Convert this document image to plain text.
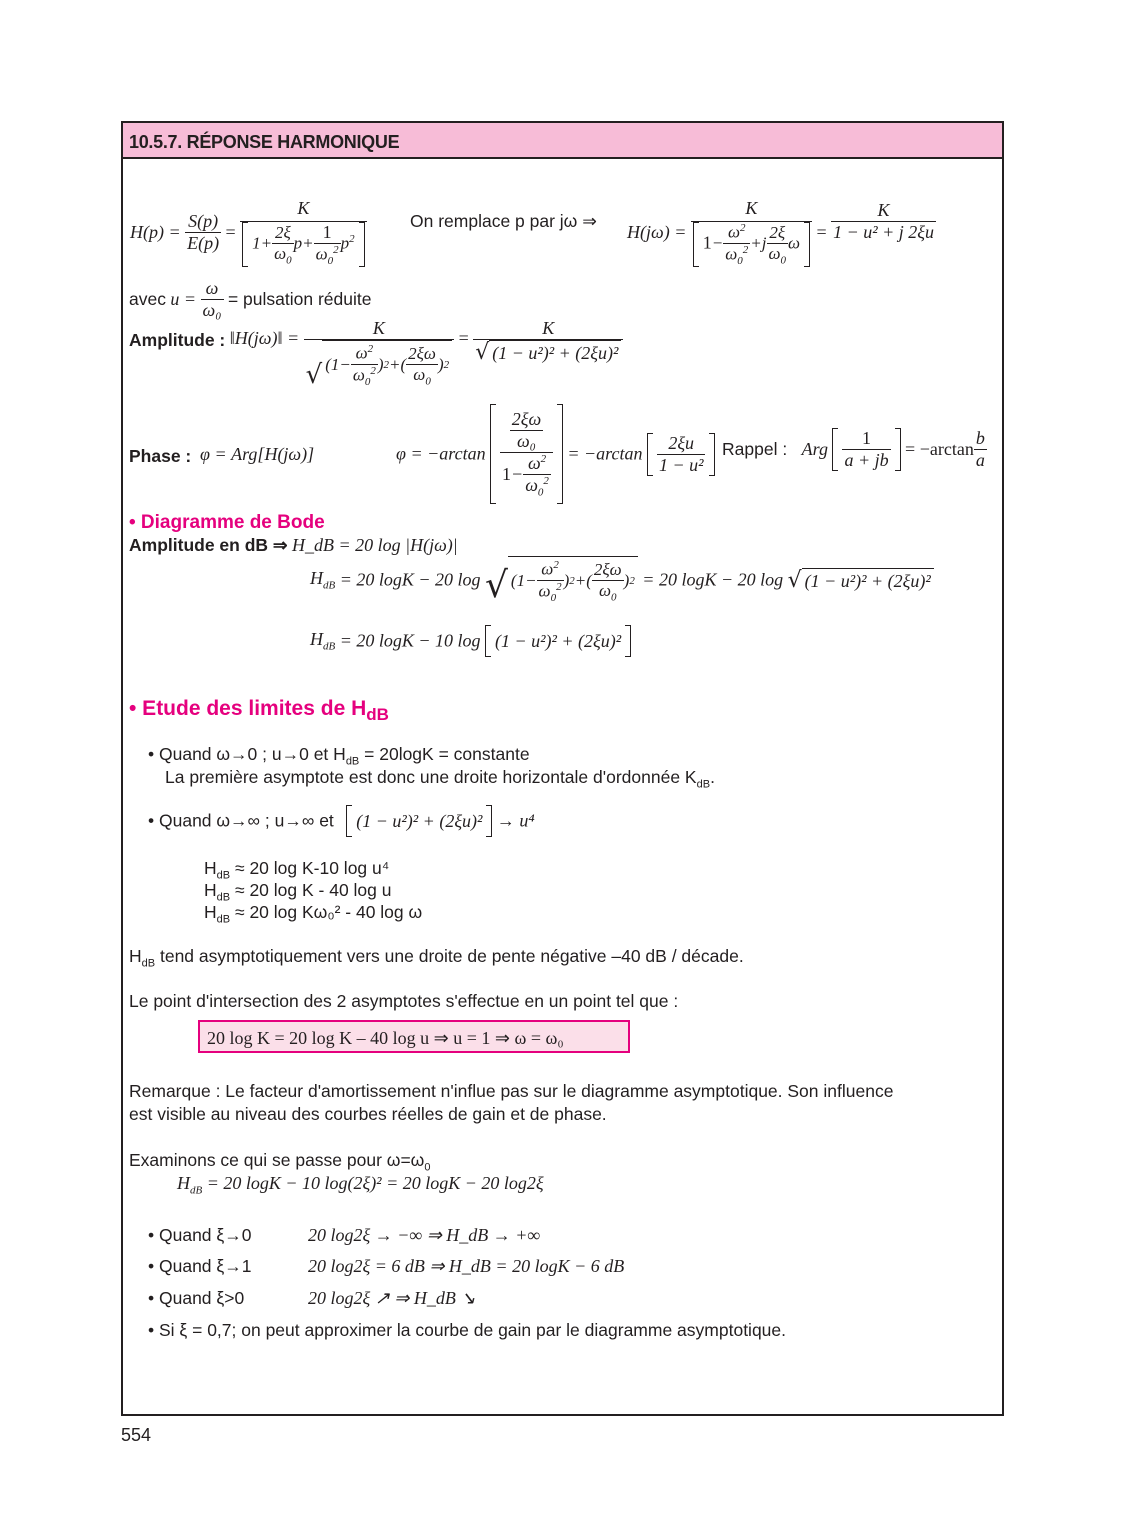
10.5.7. RÉPONSE HARMONIQUE
$H(p) = \frac{S(p)}{E(p)} = \frac{K}{1+ \frac{2\xi}{\omega_0} p+ \frac{1}{\omega_0^2} p^2}$ On remplace p par jω ⇒
$H(j\omega) = \frac{K}{1- \frac{\omega^2}{\omega_0^2} +j \frac{2\xi}{\omega_0} \omega} = \frac{K}{\text{1 − u² + j 2ξu}}$
avec $u = \frac{\omega}{\text{ω₀}}$ = pulsation réduite
Amplitude : ‖H(jω)‖ = $\frac{K}{√ (1- \frac{\omega^2}{\omega_0^2} ) 2 +( \frac{2\xi\omega}{\omega_0} ) 2} = \frac{K}{\text{√ (1 − u²)² + (2ξu)²}}$
Phase : φ = Arg[H(jω)]	$\varphi = -\arctan \frac{\frac{2\xi\omega}{\text{ω₀}}}{1- \frac{\omega^2}{\omega_0^2}} = -\arctan \frac{2\xi u}{\text{1 − u²}}$ Rappel : Arg $\frac{1}{a + jb} = -\arctan \frac{b}{a}$
• Diagramme de Bode
Amplitude en dB ⇒ H_dB = 20 log |H(jω)|
$H_{dB} = 20$ logK − 20 log √ ($1- \frac{\omega^2}{\omega_0^2}$ ) 2 +( $\frac{2\xi\omega}{\omega_0}$ ) 2 = 20 logK − 20 log √ (1 − u²)² + (2ξu)²
$H_{dB} = 20$ logK − 10 log (1 − u²)² + (2ξu)²
• Etude des limites de $H_{dB}$
• Quand ω→0 ; u→0 et $H_{dB} = 20\log K$ = constante
La première asymptote est donc une droite horizontale d'ordonnée $K_{dB}$.
• Quand ω→∞ ; u→∞ et	(1 − u²)² + (2ξu)² → u⁴
$H_{dB} \approx 20$ log K-10 log u⁴
$H_{dB} \approx 20$ log K - 40 log u
$H_{dB} \approx 20$ log Kω₀² - 40 log ω
$H_{dB}$ tend asymptotiquement vers une droite de pente négative –40 dB / décade.
Le point d'intersection des 2 asymptotes s'effectue en un point tel que :
20 log K = 20 log K – 40 log u ⇒ u = 1 ⇒ ω = ω₀
Remarque : Le facteur d'amortissement n'influe pas sur le diagramme asymptotique. Son influence
est visible au niveau des courbes réelles de gain et de phase.
Examinons ce qui se passe pour $\omega=\omega_0$
$H_{dB} = 20$ logK − 10 log(2ξ)² = 20 logK − 20 log2ξ
• Quand ξ→0	20 log2ξ → −∞ ⇒ H_dB → +∞
• Quand ξ→1	20 log2ξ = 6 dB ⇒ H_dB = 20 logK − 6 dB
• Quand ξ>0	20 log2ξ ↗ ⇒ H_dB ↘
• Si ξ = 0,7; on peut approximer la courbe de gain par le diagramme asymptotique.
554
